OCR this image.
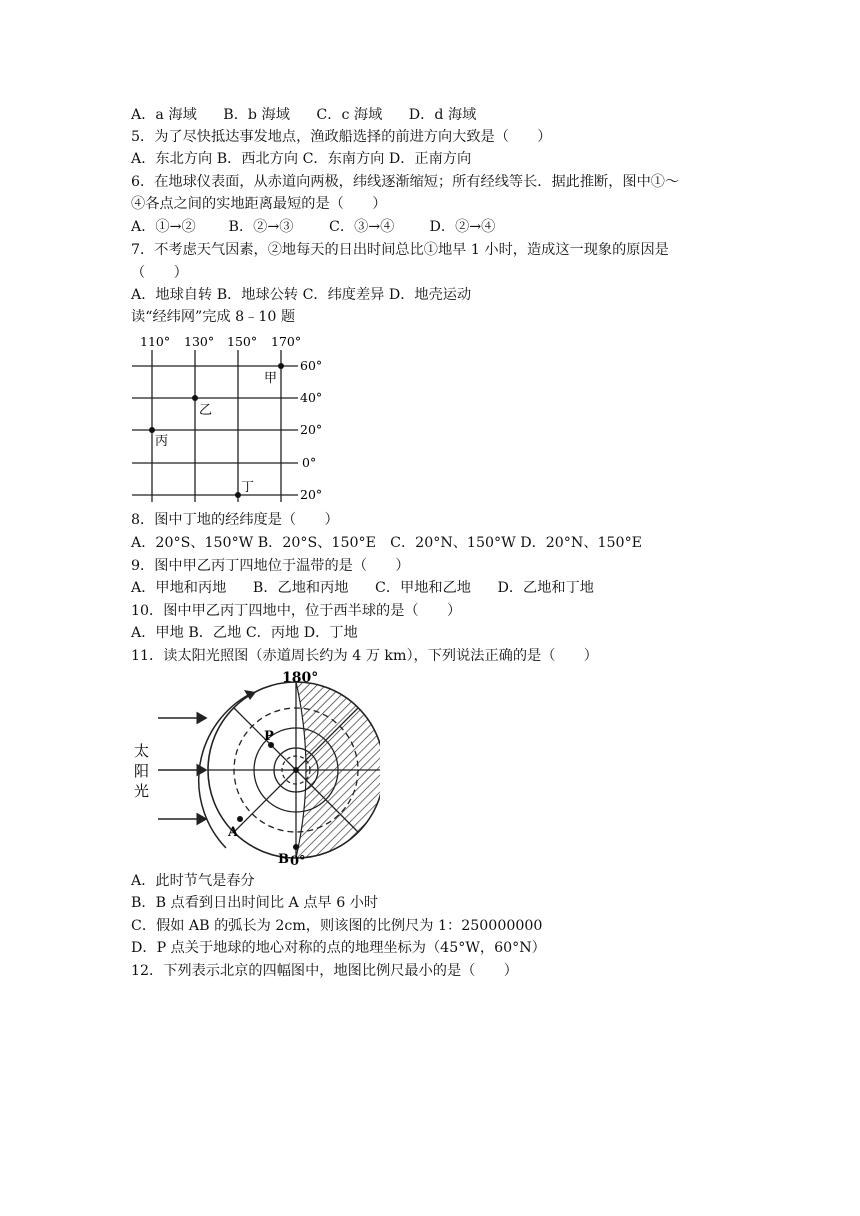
A．a 海域 B．b 海域 C．c 海域 D．d 海域
5．为了尽快抵达事发地点，渔政船选择的前进方向大致是（　　）
A．东北方向 B．西北方向 C．东南方向 D．正南方向
6．在地球仪表面，从赤道向两极，纬线逐渐缩短；所有经线等长．据此推断，图中①～
④各点之间的实地距离最短的是（　　）
A．①→② B．②→③	C．③→④ D．②→④
7．不考虑天气因素，②地每天的日出时间总比①地早 1 小时，造成这一现象的原因是
（　　）
A．地球自转 B．地球公转 C．纬度差异 D．地壳运动
读“经纬网”完成 8﹣10 题
110° 130° 150° 170°
60°
40°
20°
0°
20°
甲
乙
丙
丁
8．图中丁地的经纬度是（　　）
A．20°S、150°W B．20°S、150°E　C．20°N、150°W D．20°N、150°E
9．图中甲乙丙丁四地位于温带的是（　　）
A．甲地和丙地 B．乙地和丙地 C．甲地和乙地 D．乙地和丁地
10．图中甲乙丙丁四地中，位于西半球的是（　　）
A．甲地 B．乙地 C．丙地 D．丁地
11．读太阳光照图（赤道周长约为 4 万 km），下列说法正确的是（　　）
太
阳
光
P
A
B
180°
0°
A．此时节气是春分
B．B 点看到日出时间比 A 点早 6 小时
C．假如 AB 的弧长为 2cm，则该图的比例尺为 1：250000000
D．P 点关于地球的地心对称的点的地理坐标为（45°W，60°N）
12．下列表示北京的四幅图中，地图比例尺最小的是（　　）
